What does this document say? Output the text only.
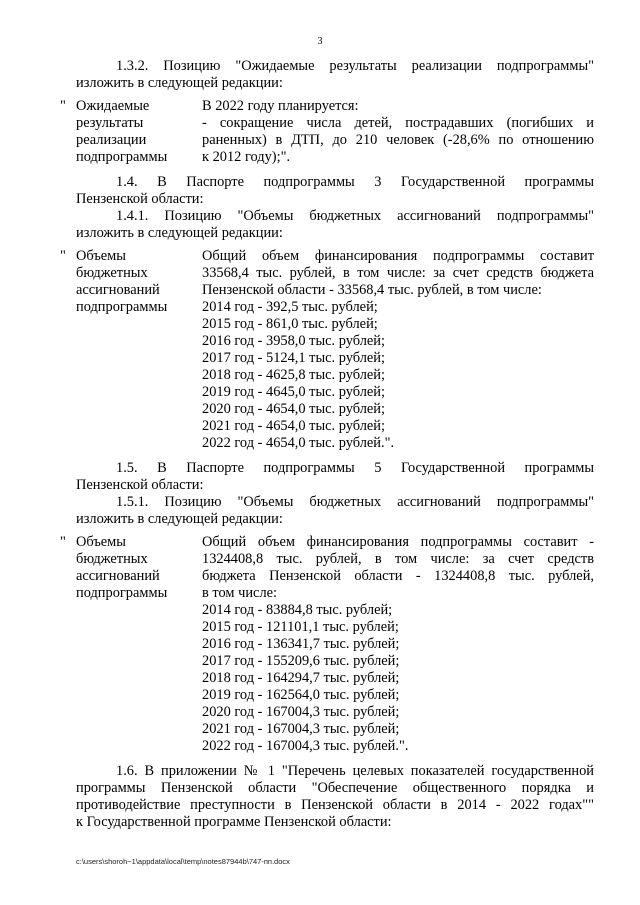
3
1.3.2. Позицию "Ожидаемые результаты реализации подпрограммы"
изложить в следующей редакции:
" Ожидаемые
результаты
реализации
подпрограммы
В 2022 году планируется:
- сокращение числа детей, пострадавших (погибших и
раненных) в ДТП, до 210 человек (-28,6% по отношению
к 2012 году);".
1.4. В Паспорте подпрограммы 3 Государственной программы
Пензенской области:
1.4.1. Позицию "Объемы бюджетных ассигнований подпрограммы"
изложить в следующей редакции:
" Объемы
бюджетных
ассигнований
подпрограммы
Общий объем финансирования подпрограммы составит
33568,4 тыс. рублей, в том числе: за счет средств бюджета
Пензенской области - 33568,4 тыс. рублей, в том числе:
2014 год - 392,5 тыс. рублей;
2015 год - 861,0 тыс. рублей;
2016 год - 3958,0 тыс. рублей;
2017 год - 5124,1 тыс. рублей;
2018 год - 4625,8 тыс. рублей;
2019 год - 4645,0 тыс. рублей;
2020 год - 4654,0 тыс. рублей;
2021 год - 4654,0 тыс. рублей;
2022 год - 4654,0 тыс. рублей.".
1.5. В Паспорте подпрограммы 5 Государственной программы
Пензенской области:
1.5.1. Позицию "Объемы бюджетных ассигнований подпрограммы"
изложить в следующей редакции:
" Объемы
бюджетных
ассигнований
подпрограммы
Общий объем финансирования подпрограммы составит -
1324408,8 тыс. рублей, в том числе: за счет средств
бюджета Пензенской области - 1324408,8 тыс. рублей,
в том числе:
2014 год - 83884,8 тыс. рублей;
2015 год - 121101,1 тыс. рублей;
2016 год - 136341,7 тыс. рублей;
2017 год - 155209,6 тыс. рублей;
2018 год - 164294,7 тыс. рублей;
2019 год - 162564,0 тыс. рублей;
2020 год - 167004,3 тыс. рублей;
2021 год - 167004,3 тыс. рублей;
2022 год - 167004,3 тыс. рублей.".
1.6. В приложении № 1 "Перечень целевых показателей государственной
программы Пензенской области "Обеспечение общественного порядка и
противодействие преступности в Пензенской области в 2014 - 2022 годах""
к Государственной программе Пензенской области:
c:\users\shoroh~1\appdata\local\temp\notes87944b\747-пп.docx
